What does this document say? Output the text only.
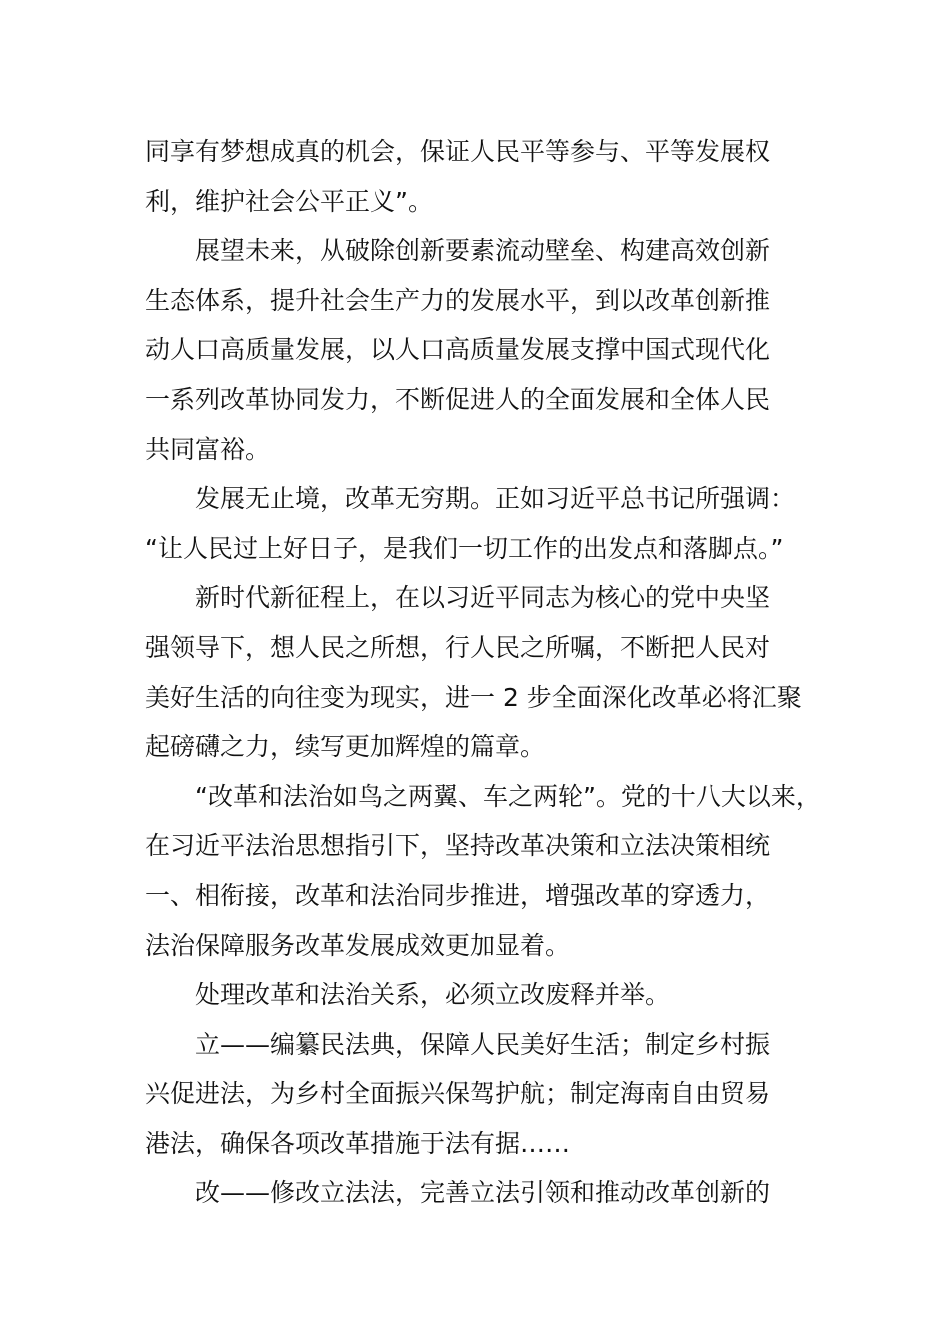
同享有梦想成真的机会，保证人民平等参与、平等发展权
利，维护社会公平正义”。
展望未来，从破除创新要素流动壁垒、构建高效创新
生态体系，提升社会生产力的发展水平，到以改革创新推
动人口高质量发展，以人口高质量发展支撑中国式现代化
一系列改革协同发力，不断促进人的全面发展和全体人民
共同富裕。
发展无止境，改革无穷期。正如习近平总书记所强调：
“让人民过上好日子，是我们一切工作的出发点和落脚点。”
新时代新征程上，在以习近平同志为核心的党中央坚
强领导下，想人民之所想，行人民之所嘱，不断把人民对
美好生活的向往变为现实，进一 2 步全面深化改革必将汇聚
起磅礴之力，续写更加辉煌的篇章。
“改革和法治如鸟之两翼、车之两轮”。党的十八大以来，
在习近平法治思想指引下，坚持改革决策和立法决策相统
一、相衔接，改革和法治同步推进，增强改革的穿透力，
法治保障服务改革发展成效更加显着。
处理改革和法治关系，必须立改废释并举。
立——编纂民法典，保障人民美好生活；制定乡村振
兴促进法，为乡村全面振兴保驾护航；制定海南自由贸易
港法，确保各项改革措施于法有据……
改——修改立法法，完善立法引领和推动改革创新的
